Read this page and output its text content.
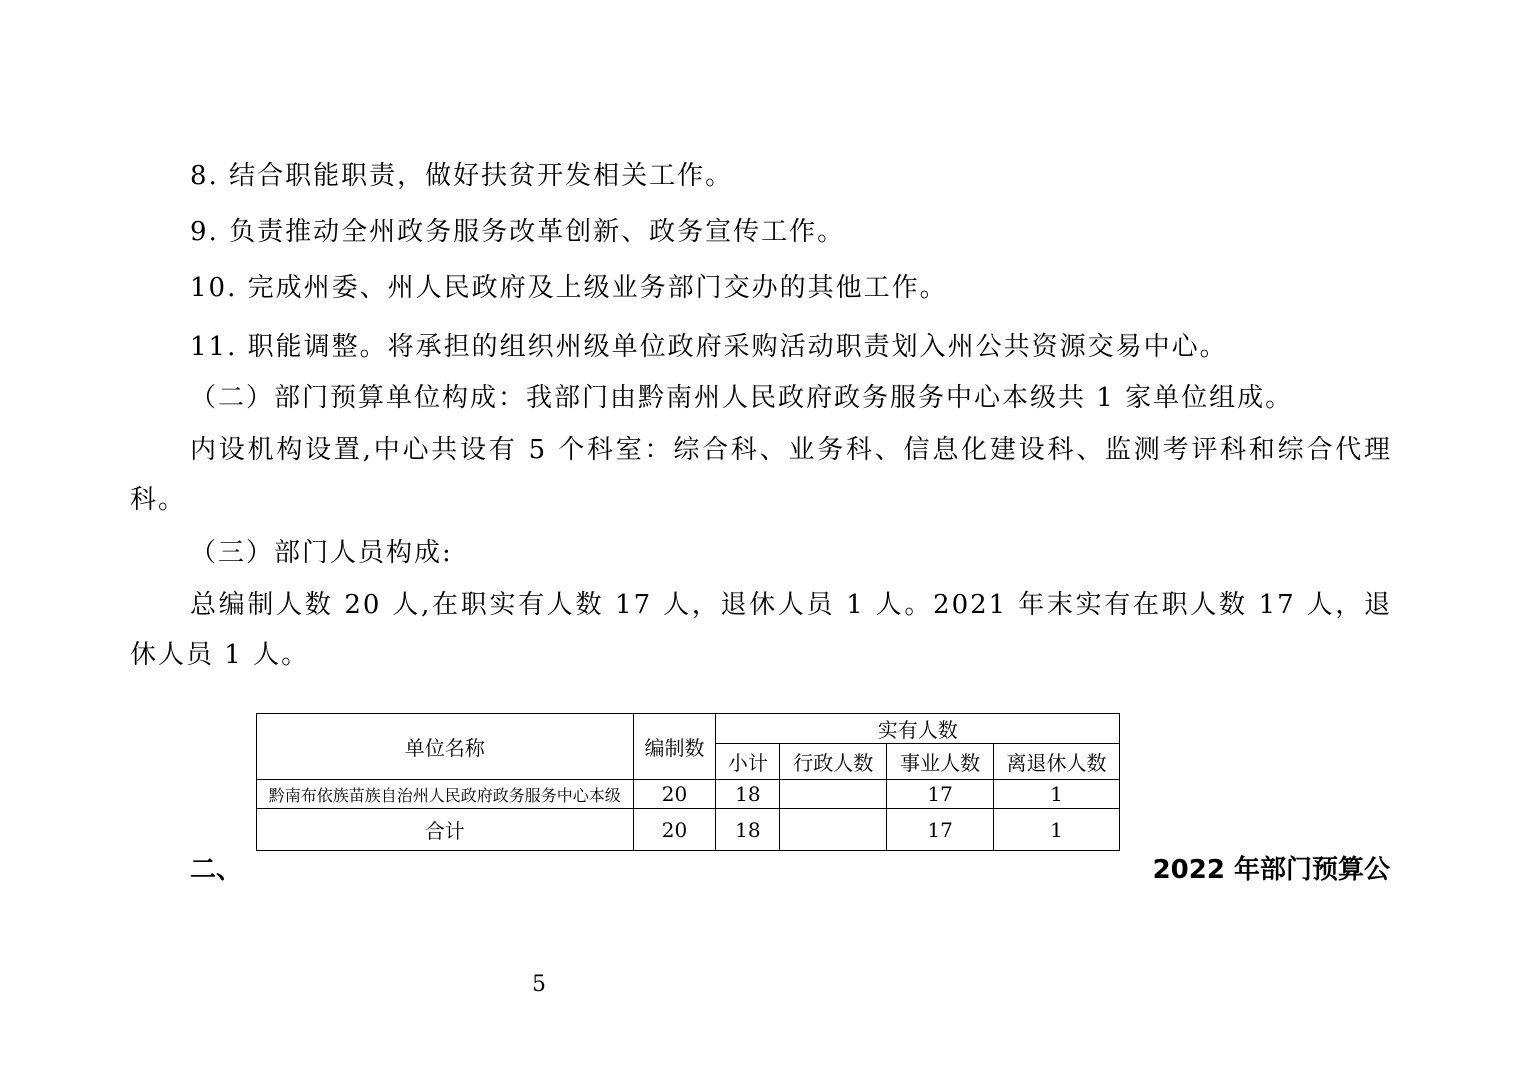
8. 结合职能职责，做好扶贫开发相关工作。
9. 负责推动全州政务服务改革创新、政务宣传工作。
10. 完成州委、州人民政府及上级业务部门交办的其他工作。
11. 职能调整。将承担的组织州级单位政府采购活动职责划入州公共资源交易中心。
（二）部门预算单位构成：我部门由黔南州人民政府政务服务中心本级共 1 家单位组成。
内设机构设置,中心共设有 5 个科室：综合科、业务科、信息化建设科、监测考评科和综合代理科。
（三）部门人员构成:
总编制人数 20 人,在职实有人数 17 人，退休人员 1 人。2021 年末实有在职人数 17 人，退休人员 1 人。
单位名称	编制数	实有人数			
		小计	行政人数	事业人数	离退休人数
黔南布依族苗族自治州人民政府政务服务中心本级	20	18		17	1
合计	20	18		17	1
二、	2022 年部门预算公
5
